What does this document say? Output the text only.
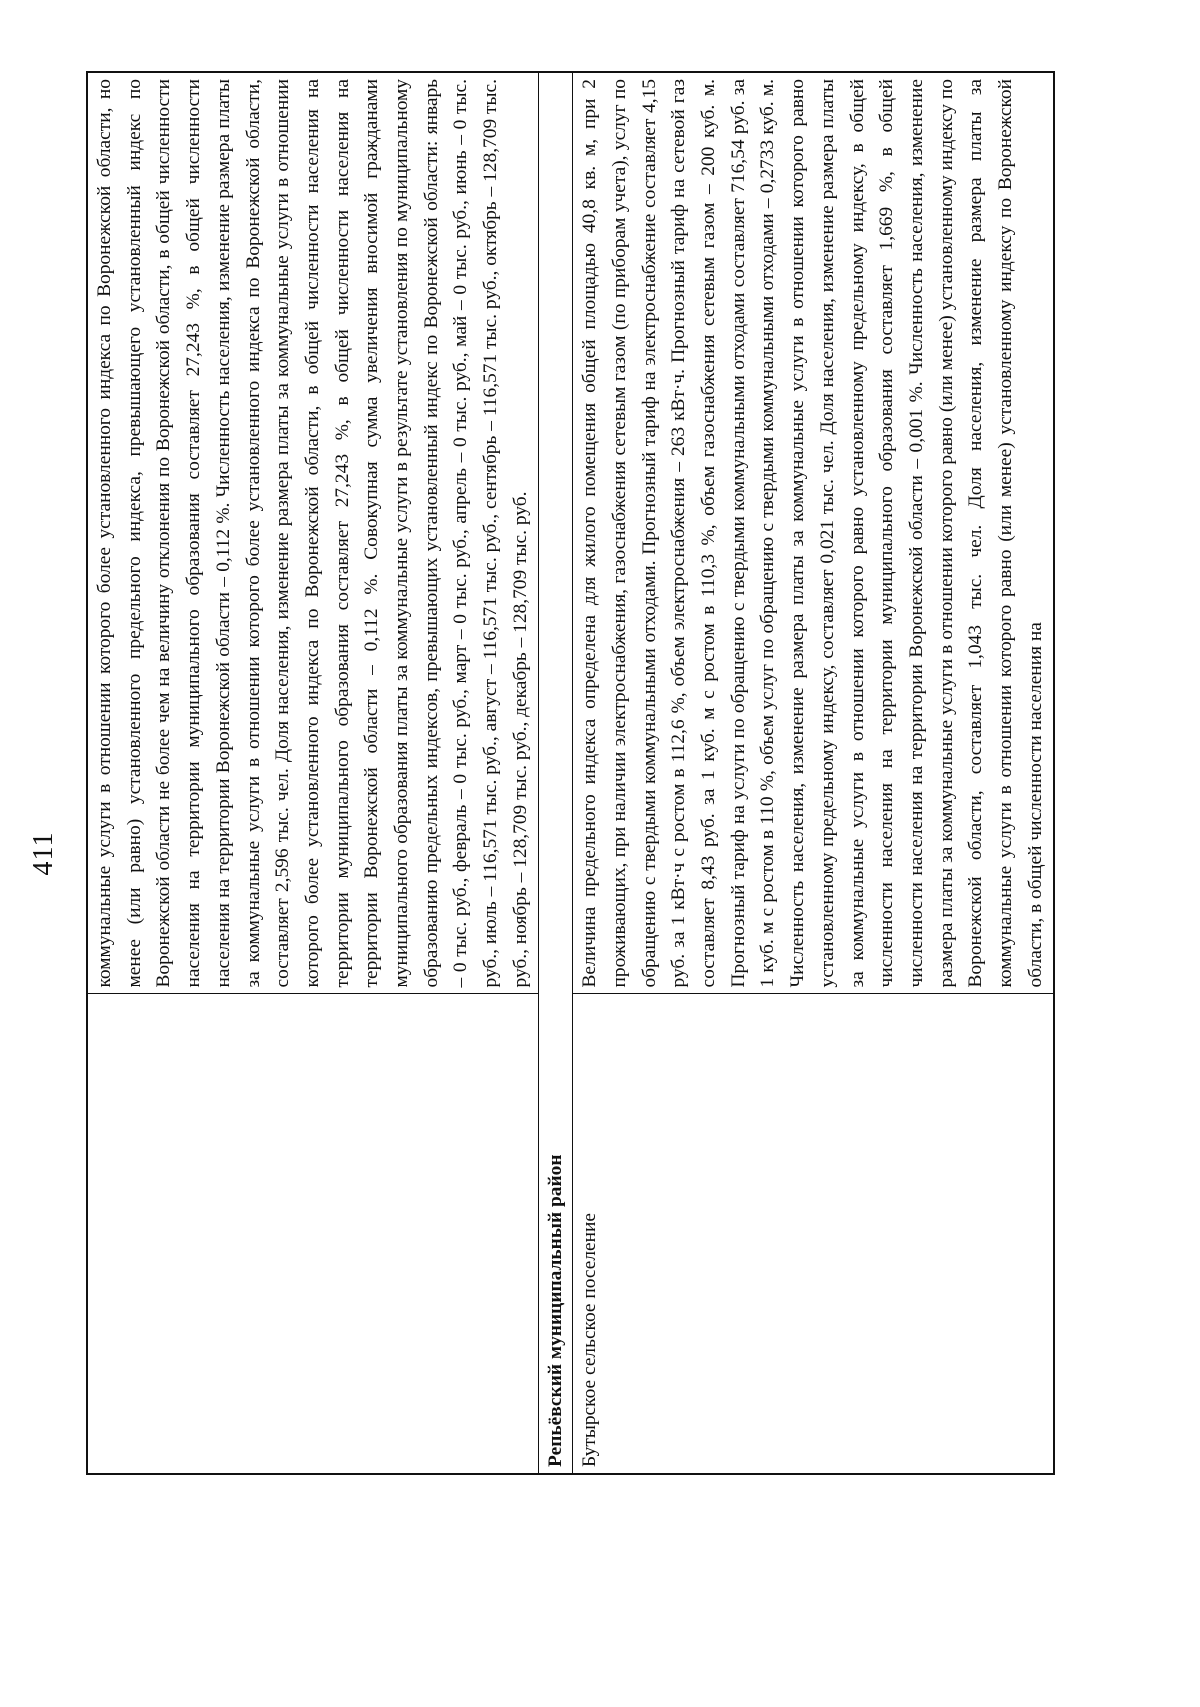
411
	коммунальные услуги в отношении которого более установленного индекса по Воронежской области, но менее (или равно) установленного предельного индекса, превышающего установленный индекс по Воронежской области не более чем на величину отклонения по Воронежской области, в общей численности населения на территории муниципального образования составляет 27,243 %, в общей численности населения на территории Воронежской области – 0,112 %. Численность населения, изменение размера платы за коммунальные услуги в отношении которого более установленного индекса по Воронежской области, составляет 2,596 тыс. чел. Доля населения, изменение размера платы за коммунальные услуги в отношении которого более установленного индекса по Воронежской области, в общей численности населения на территории муниципального образования составляет 27,243 %, в общей численности населения на территории Воронежской области – 0,112 %. Совокупная сумма увеличения вносимой гражданами муниципального образования платы за коммунальные услуги в результате установления по муниципальному образованию предельных индексов, превышающих установленный индекс по Воронежской области: январь – 0 тыс. руб., февраль – 0 тыс. руб., март – 0 тыс. руб., апрель – 0 тыс. руб., май – 0 тыс. руб., июнь – 0 тыс. руб., июль – 116,571 тыс. руб., август – 116,571 тыс. руб., сентябрь – 116,571 тыс. руб., октябрь – 128,709 тыс. руб., ноябрь – 128,709 тыс. руб., декабрь – 128,709 тыс. руб.
Репьёвский муниципальный район	
Бутырское сельское поселение	Величина предельного индекса определена для жилого помещения общей площадью 40,8 кв. м, при 2 проживающих, при наличии электроснабжения, газоснабжения сетевым газом (по приборам учета), услуг по обращению с твердыми коммунальными отходами. Прогнозный тариф на электроснабжение составляет 4,15 руб. за 1 кВт·ч с ростом в 112,6 %, объем электроснабжения – 263 кВт·ч. Прогнозный тариф на сетевой газ составляет 8,43 руб. за 1 куб. м с ростом в 110,3 %, объем газоснабжения сетевым газом – 200 куб. м. Прогнозный тариф на услуги по обращению с твердыми коммунальными отходами составляет 716,54 руб. за 1 куб. м с ростом в 110 %, объем услуг по обращению с твердыми коммунальными отходами – 0,2733 куб. м. Численность населения, изменение размера платы за коммунальные услуги в отношении которого равно установленному предельному индексу, составляет 0,021 тыс. чел. Доля населения, изменение размера платы за коммунальные услуги в отношении которого равно установленному предельному индексу, в общей численности населения на территории муниципального образования составляет 1,669 %, в общей численности населения на территории Воронежской области – 0,001 %. Численность населения, изменение размера платы за коммунальные услуги в отношении которого равно (или менее) установленному индексу по Воронежской области, составляет 1,043 тыс. чел. Доля населения, изменение размера платы за коммунальные услуги в отношении которого равно (или менее) установленному индексу по Воронежской области, в общей численности населения на
